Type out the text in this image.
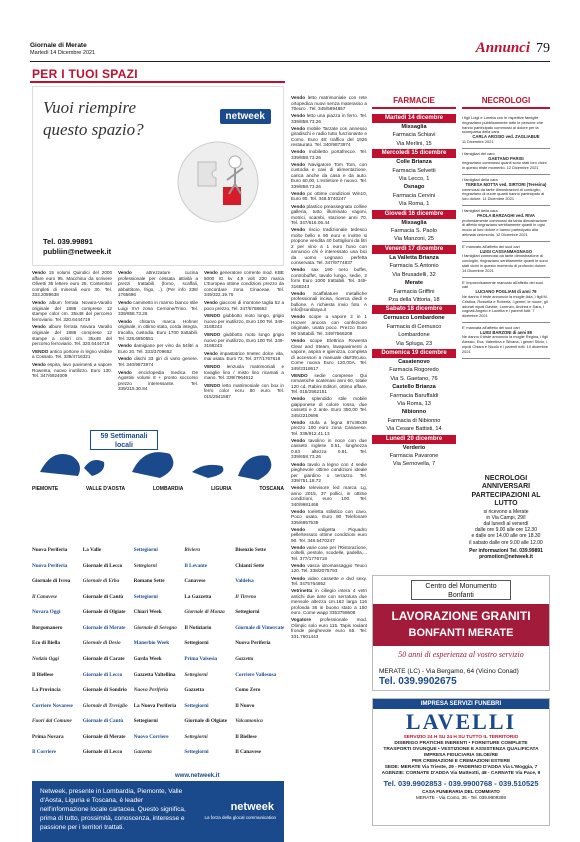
Giornale di Merate
Martedì 14 Dicembre 2021	Annunci 79
PER I TUOI SPAZI
Vuoi riempire
questo spazio?
netweek
Tel. 039.99891
publiin@netweek.it

Vendo 15 volumi Quindici del 2000 affare euro 95. Macchina da scrivere Olivetti 35 lettere euro 25. Contenitori completi di minerali euro 30. Tel. 333.2089638

Vendo album ferrata Novara-Varallo originale del 1888 comprese 12 stampe color cm. 35x48 del percorso ferroviario. Tel. 320.6444719

Vendo album ferrata Novara Varallo originale del 1888 comprese 12 stampe a colori cm. 35x48 del percorso ferroviario. Tel. 320.6444719

VENDO antico portone in legno visibile a Cossato. Tel. 339/4716321

Vendo espira, lavo pavimenti a vapore Rowenta, nuovo inutilizzo. Euro 130. Tel. 347/6924009

Vendo	attrezzature cucina professionale per cessata attività a prezzi trattabili (forno, scaffali, abbattitore, frigo, ..). (Per info 338/ 1765696

Vendo caminetto in marmo bianco stile Luigi XVI zona Cerrione/Trino. Tel. 339/858.73.26

Vendo chitarra marca Hohner originale, in ottimo stato, corda integra, tracolla, custodia. Euro 1700 trattabili. Tel. 328.6850551

Vendo damigiane per vino da 54litri a Euro 20. Tel. 333/3709652

Vendo dischi 33 giri di vario genere. Tel. 340/9873974

Vendo enciclopedia medica De Agostini volumi 8 + pronto soccorso prezzo interessante. Tel. 339/215.30.84

Vendo generatore corrente mod. KBE 5000 IG kv 4,9 volt 220 marca L'Europea ottime condizioni prezzo da concordare zona Cinaceae. Tel. 349/322.19.75

Vendo giacconi di montone taglia 52 a poco prezzo. Tel. 347/5768662

VENDO giubbotto moto lungo, grigio nuovo per inutilizzo, Euro 100 Tel. 349-3168243

VENDO giubbotto moto lungo grigio nuovo per inutilizzo, Euro 100 Tel. 349-3168243

Vendo impastatrice Imetec dolce vita, mai usata. Euro 72. Tel. 377/1767618

VENDO lenzuola matrimoniali e tovaglie lino / misto lino ricamati a mano. Tel. 339/7964612

VENDO letto matrimoniale con box in ferro color ecru 80 euro. Tel. 015/2541587

59 Settimanali
locali
PIEMONTE	VALLE D'AOSTA	LOMBARDIA	LIGURIA	TOSCANA
Nuova Periferia	La Valle	Settegiorni	Riviera	Bisenzio Sette
Nuova Periferia	Giornale di Lecco	Settegiorni	Il Levante	Chianti Sette
Giornale di Ivrea	Giornale di Erba	Romano Sette	Canavese	Valdelsa
Il Canavese	Giornale di Cantù	Settegiorni	La Gazzetta	Il Tirreno
Novara Oggi	Giornale di Olgiate	Chiari Week	Giornale di Monza	Settegiorni
Borgomanero	Giornale di Merate	Giornale di Seregno	Il Notiziario	Giornale di Vimercate
Eco di Biella	Giornale di Desio	Manerbio Week	Settegiorni	Nuova Periferia
Notizia Oggi	Giornale di Carate	Garda Week	Prima Valsesia	Gazzetta
Il Biellese	Giornale di Lecco	Gazzetta Valtellina	Settegiorni	Corriere Vallesusa
La Provincia	Giornale di Sondrio	Nuova Periferia	Gazzetta	Como Zero
Corriere Novarese	Giornale di Treviglio	La Nuova Periferia	Settegiorni	Il Nuovo
Fuori dal Comune	Giornale di Cantù	Settegiorni	Giornale di Olgiate	Valcamonica
Prima Novara	Giornale di Merate	Nuovo Corriere	Settegiorni	Il Biellese
Il Corriere	Giornale di Lecco	Gazzetta	Settegiorni	Il Canavese
www.netweek.it
Netweek, presente in Lombardia, Piemonte, Valle d'Aosta, Liguria e Toscana, è leader nell'informazione locale cartacea. Questo significa, prima di tutto, prossimità, conoscenza, interesse e passione per i territori trattati.
netweek
La forza della glocal communication

Vendo letto matrimoniale con rete ortopedica nuovi senza materasso a 70euro . Tel. 345/5894857

Vendo letto una piazza in ferro. Tel. 339/858.73.26

Vendo mobile Tarzate con annesso giradischi e radio tutto funzionante e Como. Euro 48; traffico del 1926 restaurato. Tel. 340/9873974

Vendo mobiletto portafrecce. Tel. 339/858.73.26

Vendo Navigatore Tom Tom, con custodia e cavi di alimentazione, carica anche da casa e da auto. Euro 60,00, L'estintore è nuovo. Tel. 339/858.73.26

Vendo pc ottime condizioni Win10, Euro 90. Tel. 348.5740247

Vendo plastico preassegnato colline galleria, tutto illuminato vagoni, motrici, scambi, stazione anni 70. Tel. 347/616.06.44

Vendo riscio tradizionale tedesco molto bello e 90 euro e inoltre si propone vendita 40 bottiglioni da litri 2 per vino a 1 euro l'uno con annuncio chi è interessato una bici da uomo Legnano perfetta conservata. Tel. 347/9774837

Vendo sax 190 nero buffet, controbuffet, tavolo lungo, sedie, 2 forni Euro 1000 trattabili. Tel. 349-3168243

Vendo Scaffalature metalliche professionali incisa, ricerca diedi e bullone. A richiesta invio foto. A info@surabaya.it

Vendo scope a vapore 2 in 1 Hoover ancora con confezione originale, usata poco. Prezzo Euro 90 trattabili. Tel. 349/7566208

Vendo scope Elettrica Rowenta Clear and Steam, lavapavimenti a vapore, aspira e igienizza, completa di accessori a manuale d&#39;uso. Come nuova Euro 120,00A. Tel. 349/3318617

VENDO sedie comprese Qui romantiche scatenasi anni 60, totale 120 cd, Rabini Editori, ottimo affare. Tel. 015/2562151

Vendo splendido stile mobile giapponese di colore rosso, due cassetti e 2 ante. Euro 350,00 Tel. 345/2210696

Vendo stufa a legna 87x38x38 prezzo 100 euro zona Canavese. Tel. 339/912.41.13

Vendo tavolino in noce con due cassetti inglese 0.51, lunghezza 0.83 altezza 0.81. Tel. 339/658.73.26

Vendo tavolo a legno con 4 sedie pieghevole ottime condizioni ideale per giardino o terrazzo. Tel. 339/751.18.72

Vendo televisore led marca Lg, anno 2015, 37 pollici, in ottime condizioni, euro 100. Tel. 340/9981468

Vendo toeletta stilistico con cavo. Poco usato. Euro 80 Telefonare 335/6957539

Vendo	valigetta Piquadro pelle/tessuto ottime condizioni euro 90. Tel. 348.5470247

Vendo varie cose per l'Ristorazione, coltelli, pentole, scodelle, padella,... Tel. 377/1776718

Vendo vasca idromassaggio Teuco 120. Tel. 338/2075793

Vendo video cassette e dvd sexy. Tel. 3475764862

Vetrinetta in ciliegio intera 4 vetri antichi due ante con serratura due mensole altezza cm.162 larga 116 profonda 36 in buono stato a 150 euro. Come wapp 3353758608

Vogatore professionale mod. Olimpic solo euro 115. Tapis roulant fronde pieghevole euro 65. Tel. 331.7601443

FARMACIE
Martedì 14 dicembre
Missaglia
Farmacia Schiavi
Via Merlini, 15
Mercoledì 15 dicembre
Colle Brianza
Farmacia Selvetti
Via Lecco, 1
Osnago
Farmacia Cervini
Via Roma, 1
Giovedì 16 dicembre
Missaglia
Farmacia S. Paolo
Via Manzoni, 25
Venerdì 17 dicembre
La Valletta Brianza
Farmacia S.Antonio
Via Brusadelli, 32
Merate
Farmacia Griffini
Pza della Vittoria, 18
Sabato 18 dicembre
Cernusco Lombardone
Farmacia di Cernusco Lombardone
Via Spluga, 23
Domenica 19 dicembre
Casatenovo
Farmacia Rogoredo
Via S. Gaetano, 76
Castello Brianza
Farmacia Baruffaldi
Via Roma, 13
Nibionno
Farmacia di Nibionno
Via Cesare Battisti, 14
Lunedì 20 dicembre
Verderio
Farmacia Pavarone
Via Sernovella, 7
NECROLOGI
I figli Luigi e Loretta con le rispettive famiglie ringraziano pubblicamente tutte le persone che hanno partecipato commossi al dolore per la scomparsa della cara
CARLA AROSIO ved. ZAGLIABUE
11 Dicembre 2021
I famigliari del caro
GAETANO PARISI
ringraziano commossi quanti sono stati loro vicini in questo triste momento. 12 Dicembre 2021
I famigliari della cara
TERESA MOTTA ved. SIRTORI (Teresina)
commossi da tante dimostrazioni di cordoglio, ringraziano di cuore quanti hanno partecipato al loro dolore. 11 Dicembre 2021
I famigliari della cara
PAOLA BARZAGHI ved. RIVA
profondamente commossi da tanta dimostrazione di affetto ringraziano sentitamente quanti in ogni modo al loro dolore e hanno partecipato alla animata cerimonia. 12 Dicembre 2021
E' mancato all'affetto dei suoi cari
LUIGI CASSANMAGNAGO
I famigliari commossi da tante dimostrazione di cordoglio, ringraziano sentitamente quanti le sono stati vicini in questo momento di profondo dolore. 14 Dicembre 2021
E' improvvisamente mancato all'affetto dei suoi cari
LUCIANO POGLIANI di anni 79
Ne danno il triste annuncio la moglie Ada, i figli M. Cristina, Rossella e Roberta, i generi, le nuore, gli adorati nipoti Davide, Lorenzo, Andrea e Sara, i cognati Angelo e Lucetta e i parenti tutti. 7 dicembre 2021
E' mancata all'affetto dei suoi cari
LUIGI BARZONI di anni 89
Ne danno il triste annuncio la moglie Regina, i figli Alessio, Eva, Valentina e Silvana, i generi Silvio, i nipoti Chiara e Nicolò e i parenti tutti. 10 dicembre 2021
NECROLOGI ANNIVERSARI PARTECIPAZIONI AL LUTTO
si ricevono a Merate
in Via Campi, 29/I
dal lunedì al venerdì
dalle ore 9.00 alle ore 12.30
e dalle ore 14.00 alle ore 18.30
il sabato dalle ore 9.00 alle 12.00
Per informazioni Tel. 039.99891
promotion@netweek.it
Centro del Monumento
Bonfanti
LAVORAZIONE GRANITI
BONFANTI MERATE
50 anni di esperienza al vostro servizio
MERATE (LC) - Via Bergamo, 64 (Vicino Conad)
Tel. 039.9902675
IMPRESA SERVIZI FUNEBRI
LAVELLI
SERVIZIO 24 H SU 24 H SU TUTTO IL TERRITORIO
DISBRIGO PRATICHE INERENTI • FORNITURE COMPLETE
TRASPORTI OVUNQUE • VESTIZIONE E ASSISTENZA QUALIFICATA
IMPRESA FIDUCIARIA SILOE/RE
PER CREMAZIONI E CREMAZIONI ESTERE
SEDE: MERATE Via Trieste, 29 - PADERNO D'ADDA Via L'Moggia, 7
AGENZIE: CORNATE D'ADDA Via Matteotti, 48 - CARNATE Via Pace, 9
Tel. 039.9902853 - 039.9900768 - 039.510525
CASA FUNERARIA DEL COMMIATO
MERATE - Via Como, 35 - Tel. 039.9909369
